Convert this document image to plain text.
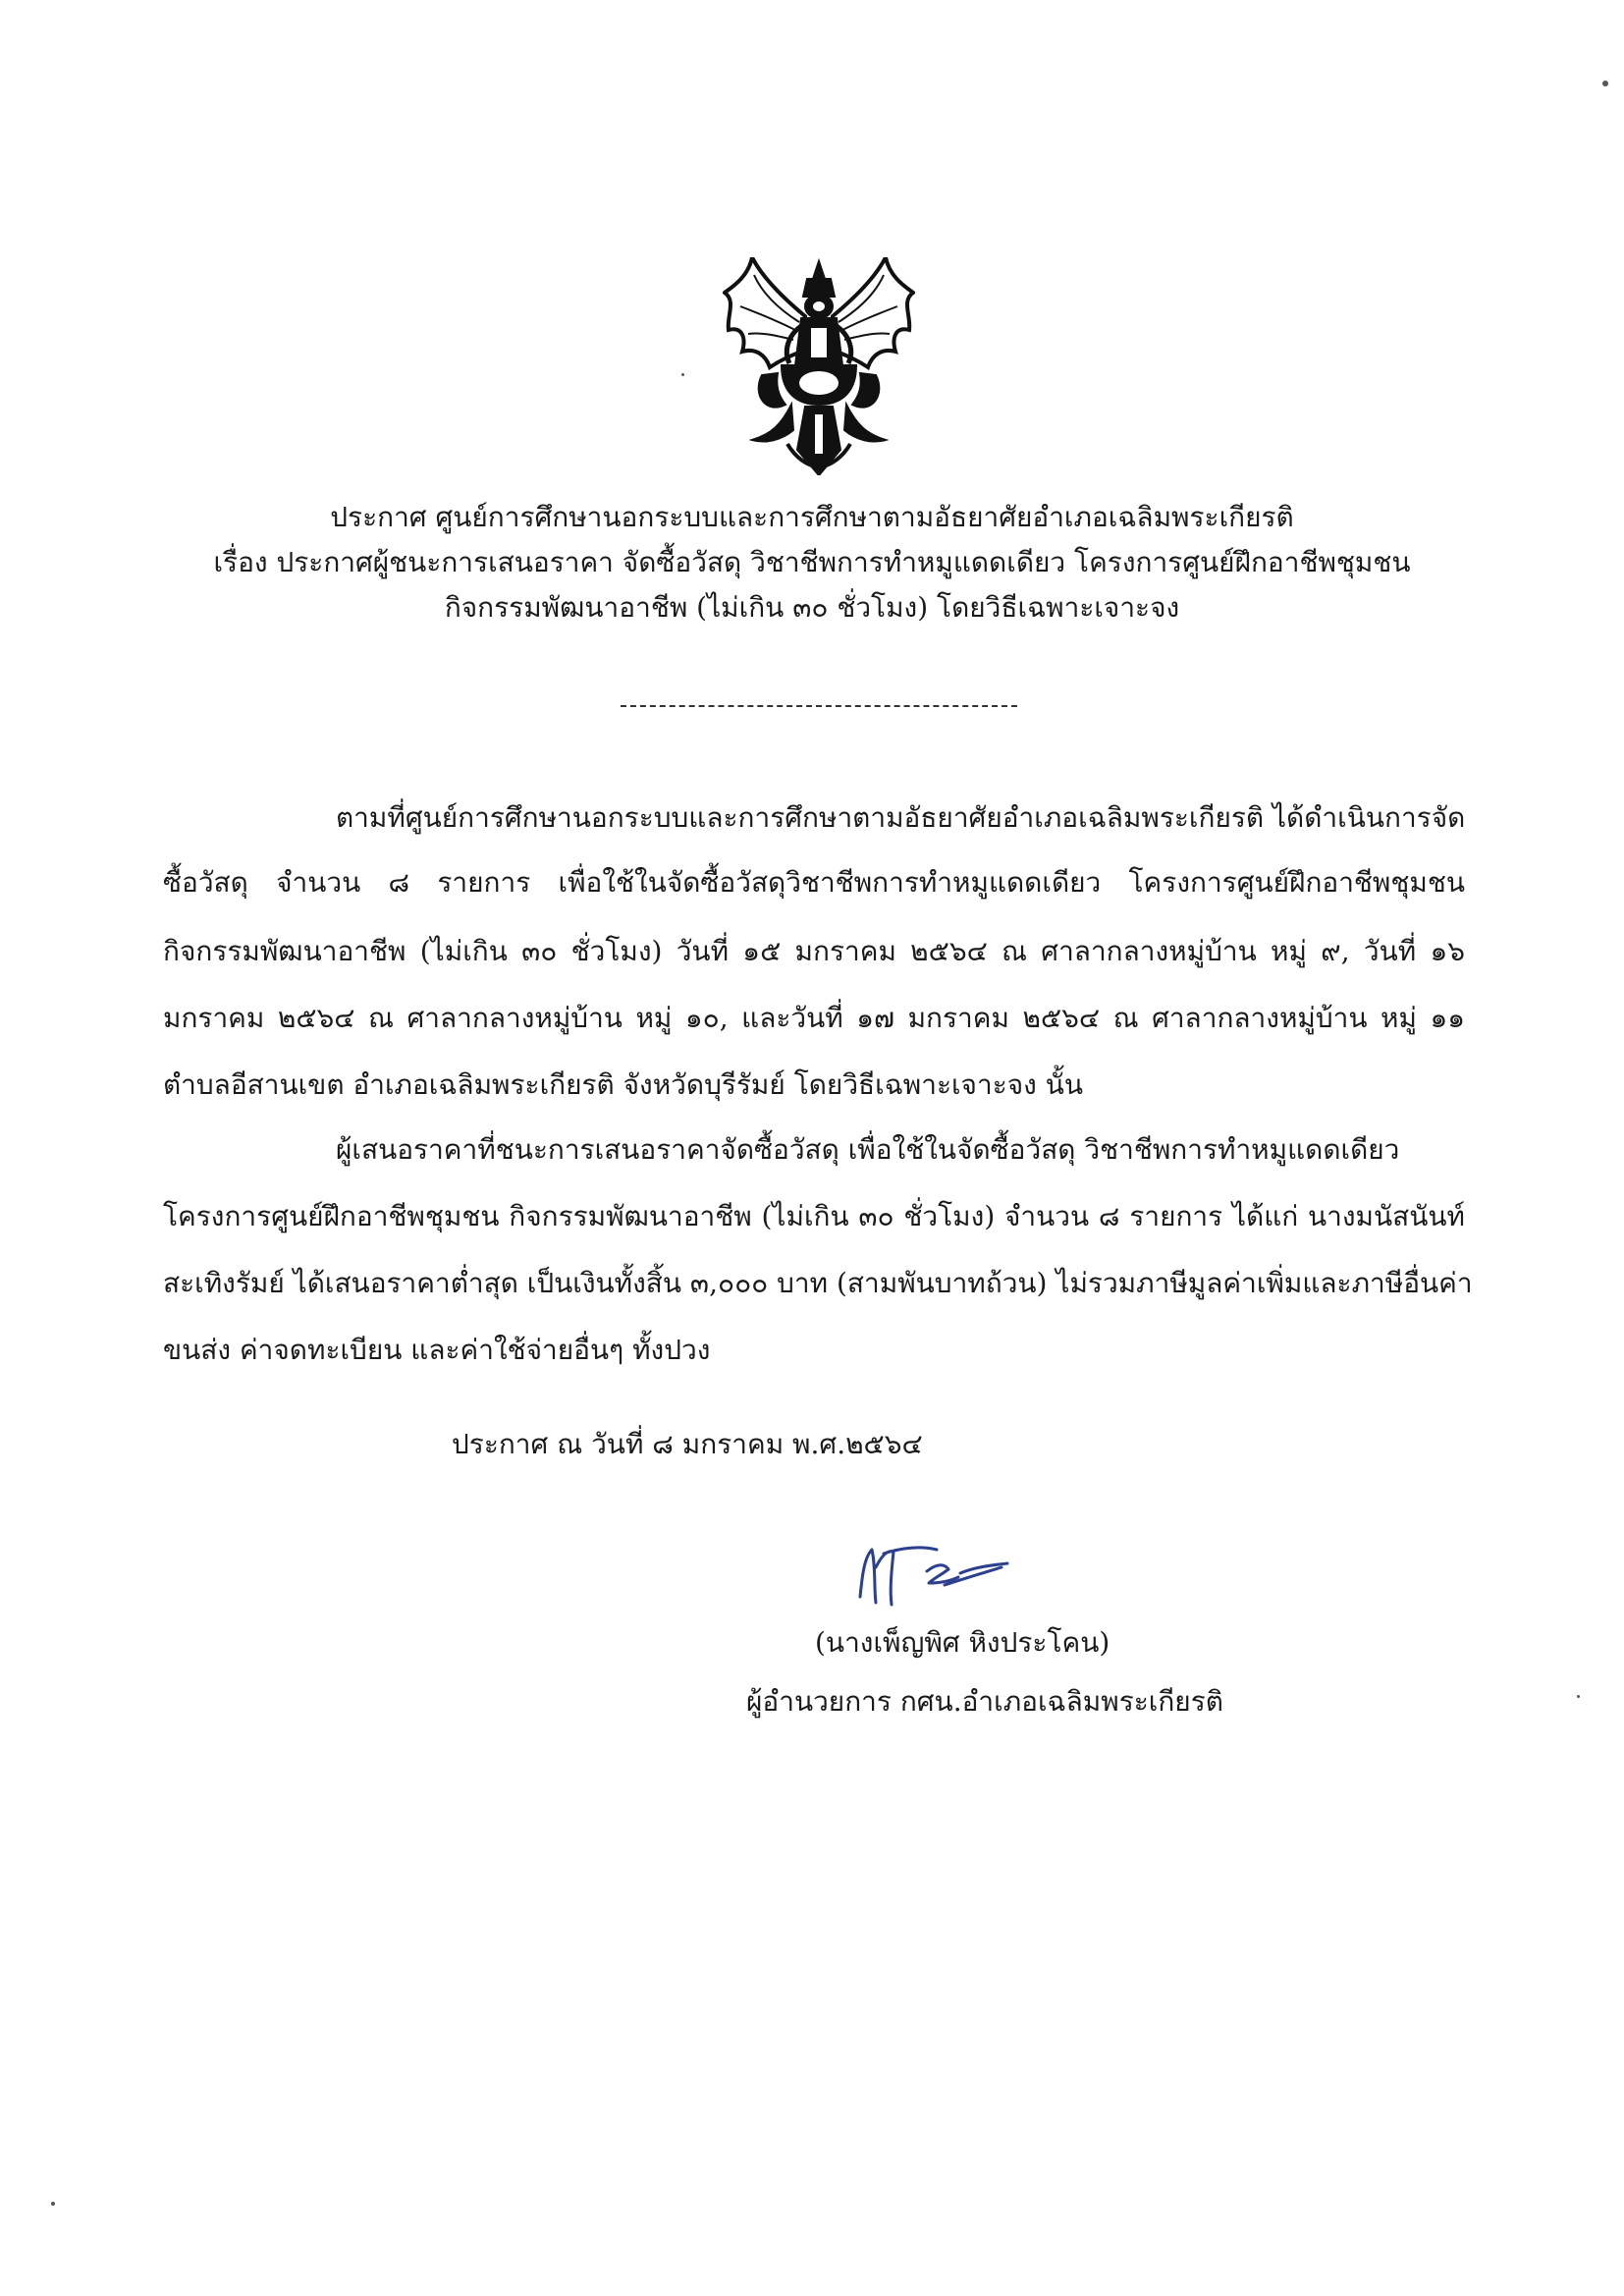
ประกาศ ศูนย์การศึกษานอกระบบและการศึกษาตามอัธยาศัยอำเภอเฉลิมพระเกียรติ
เรื่อง ประกาศผู้ชนะการเสนอราคา จัดซื้อวัสดุ วิชาชีพการทำหมูแดดเดียว โครงการศูนย์ฝึกอาชีพชุมชน
กิจกรรมพัฒนาอาชีพ (ไม่เกิน ๓๐ ชั่วโมง) โดยวิธีเฉพาะเจาะจง
ตามที่ศูนย์การศึกษานอกระบบและการศึกษาตามอัธยาศัยอำเภอเฉลิมพระเกียรติ ได้ดำเนินการจัด
ซื้อวัสดุ จำนวน ๘ รายการ เพื่อใช้ในจัดซื้อวัสดุวิชาชีพการทำหมูแดดเดียว โครงการศูนย์ฝึกอาชีพชุมชน
กิจกรรมพัฒนาอาชีพ (ไม่เกิน ๓๐ ชั่วโมง) วันที่ ๑๕ มกราคม ๒๕๖๔ ณ ศาลากลางหมู่บ้าน หมู่ ๙, วันที่ ๑๖
มกราคม ๒๕๖๔ ณ ศาลากลางหมู่บ้าน หมู่ ๑๐, และวันที่ ๑๗ มกราคม ๒๕๖๔ ณ ศาลากลางหมู่บ้าน หมู่ ๑๑
ตำบลอีสานเขต อำเภอเฉลิมพระเกียรติ จังหวัดบุรีรัมย์ โดยวิธีเฉพาะเจาะจง นั้น
ผู้เสนอราคาที่ชนะการเสนอราคาจัดซื้อวัสดุ เพื่อใช้ในจัดซื้อวัสดุ วิชาชีพการทำหมูแดดเดียว
โครงการศูนย์ฝึกอาชีพชุมชน กิจกรรมพัฒนาอาชีพ (ไม่เกิน ๓๐ ชั่วโมง) จำนวน ๘ รายการ ได้แก่ นางมนัสนันท์
สะเทิงรัมย์ ได้เสนอราคาต่ำสุด เป็นเงินทั้งสิ้น ๓,๐๐๐ บาท (สามพันบาทถ้วน) ไม่รวมภาษีมูลค่าเพิ่มและภาษีอื่นค่า
ขนส่ง ค่าจดทะเบียน และค่าใช้จ่ายอื่นๆ ทั้งปวง
ประกาศ ณ วันที่ ๘ มกราคม พ.ศ.๒๕๖๔
(นางเพ็ญพิศ หิงประโคน)
ผู้อำนวยการ กศน.อำเภอเฉลิมพระเกียรติ
